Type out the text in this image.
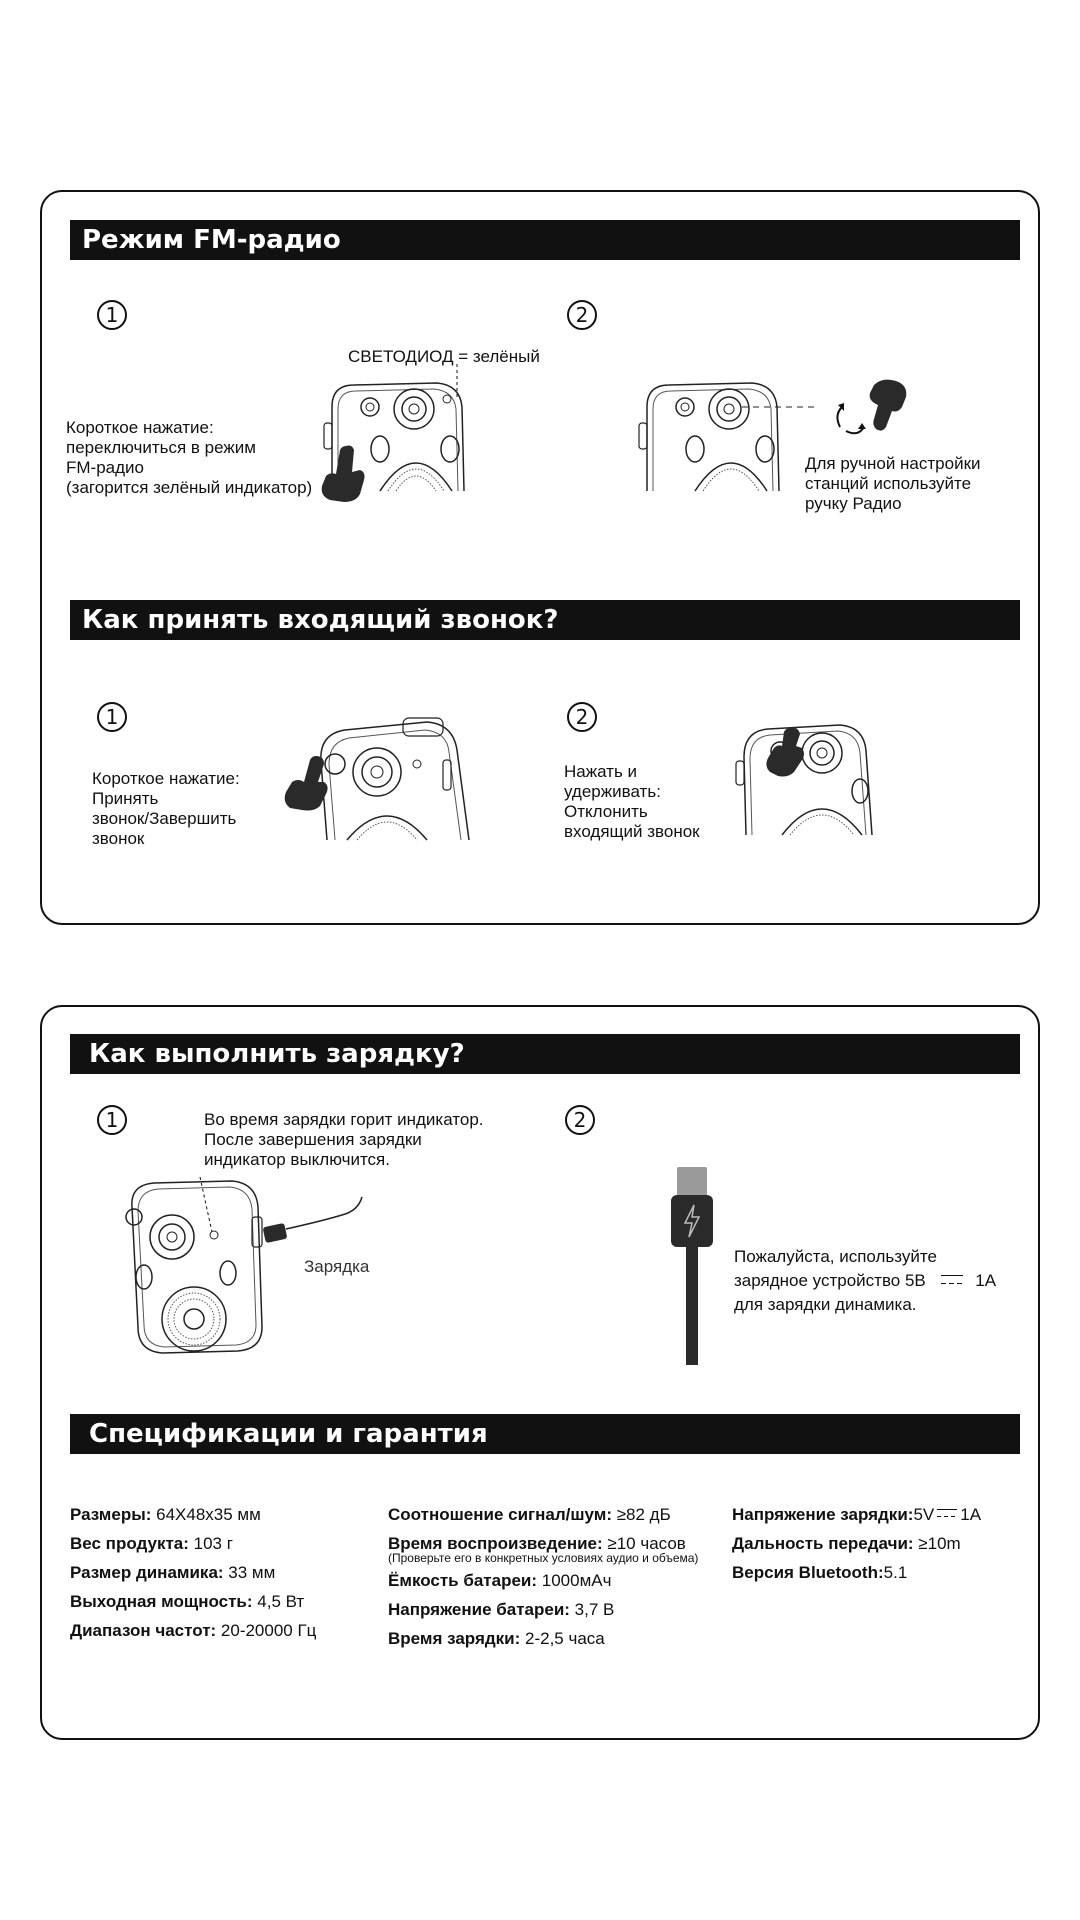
Режим FM-радио
1	2
СВЕТОДИОД = зелёный
Короткое нажатие:
переключиться в режим
FM-радио
(загорится зелёный индикатор)
Для ручной настройки
станций используйте
ручку Радио
Как принять входящий звонок?
1	2
Короткое нажатие:
Принять
звонок/Завершить
звонок
Нажать и
удерживать:
Отклонить
входящий звонок
Как выполнить зарядку?
1	2
Во время зарядки горит индикатор.
После завершения зарядки
индикатор выключится.
Зарядка
Пожалуйста, используйте
зарядное устройство 5В	1А
для зарядки динамика.
Спецификации и гарантия
Размеры: 64X48x35 мм
Вес продукта: 103 г
Размер динамика: 33 мм
Выходная мощность: 4,5 Вт
Диапазон частот: 20-20000 Гц
Соотношение сигнал/шум: ≥82 дБ
Время воспроизведение: ≥10 часов
(Проверьте его в конкретных условиях аудио и объема)
Ёмкость батареи: 1000мАч
Напряжение батареи: 3,7 В
Время зарядки: 2-2,5 часа
Напряжение зарядки:5V 1A
Дальность передачи: ≥10m
Версия Bluetooth:5.1
